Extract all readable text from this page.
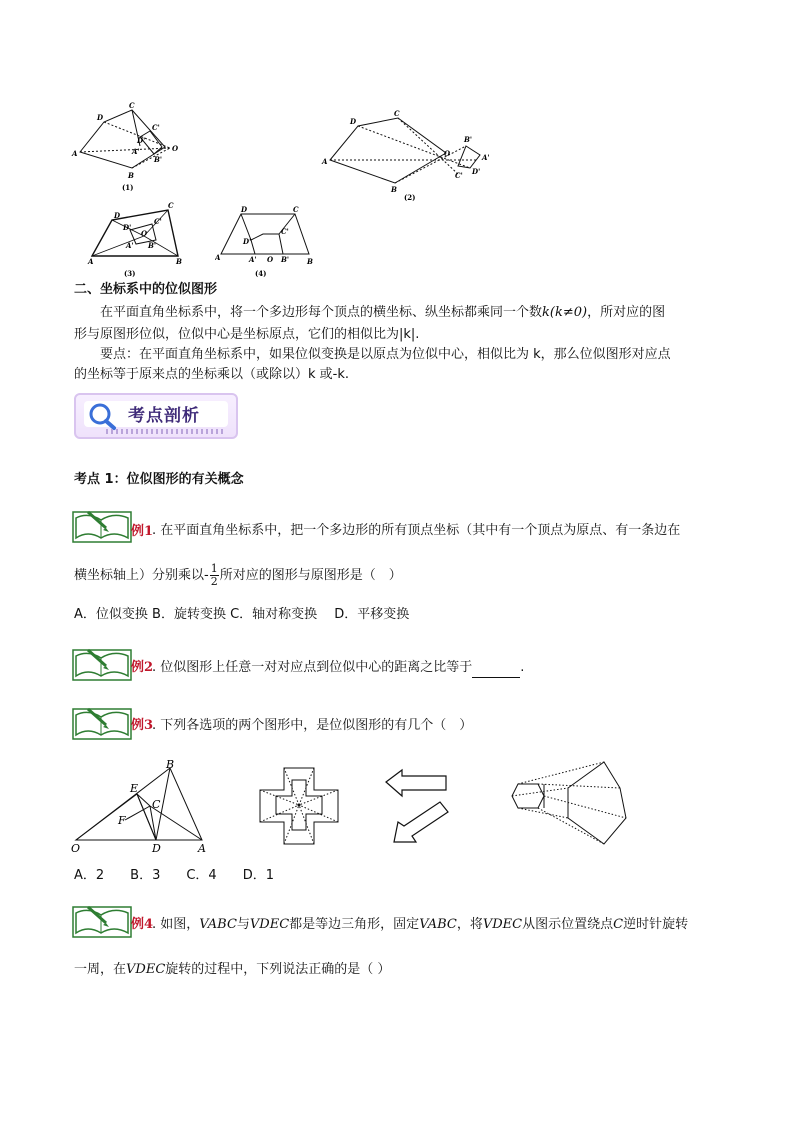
C
D
A
B
O
C'
D'
A'
B'
(1)
C
D
A
B
O
B'
A'
C' D'
(2)
D
C
A	B
D'
C'
O
A' B'
(3)
D	C
A	B
D'
C'
A' O B'
(4)
二、坐标系中的位似图形
在平面直角坐标系中，将一个多边形每个顶点的横坐标、纵坐标都乘同一个数k(k≠0)，所对应的图
形与原图形位似，位似中心是坐标原点，它们的相似比为|k|.
要点：在平面直角坐标系中，如果位似变换是以原点为位似中心，相似比为 k，那么位似图形对应点
的坐标等于原来点的坐标乘以（或除以）k 或-k.
考点剖析
考点 1：位似图形的有关概念
例1
. 在平面直角坐标系中，把一个多边形的所有顶点坐标（其中有一个顶点为原点、有一条边在
横坐标轴上）分别乘以- $\frac{1}{2}$ 所对应的图形与原图形是（　）
A．位似变换 B．旋转变换 C．轴对称变换　 D．平移变换
例2
. 位似图形上任意一对对应点到位似中心的距离之比等于	.
例3
. 下列各选项的两个图形中，是位似图形的有几个（　）
B
E
C
F
O	D	A
A．2　　B．3　　C．4　　D．1
例4
. 如图，VABC与VDEC都是等边三角形，固定VABC，将VDEC从图示位置绕点C逆时针旋转
一周，在VDEC旋转的过程中，下列说法正确的是（ ）
